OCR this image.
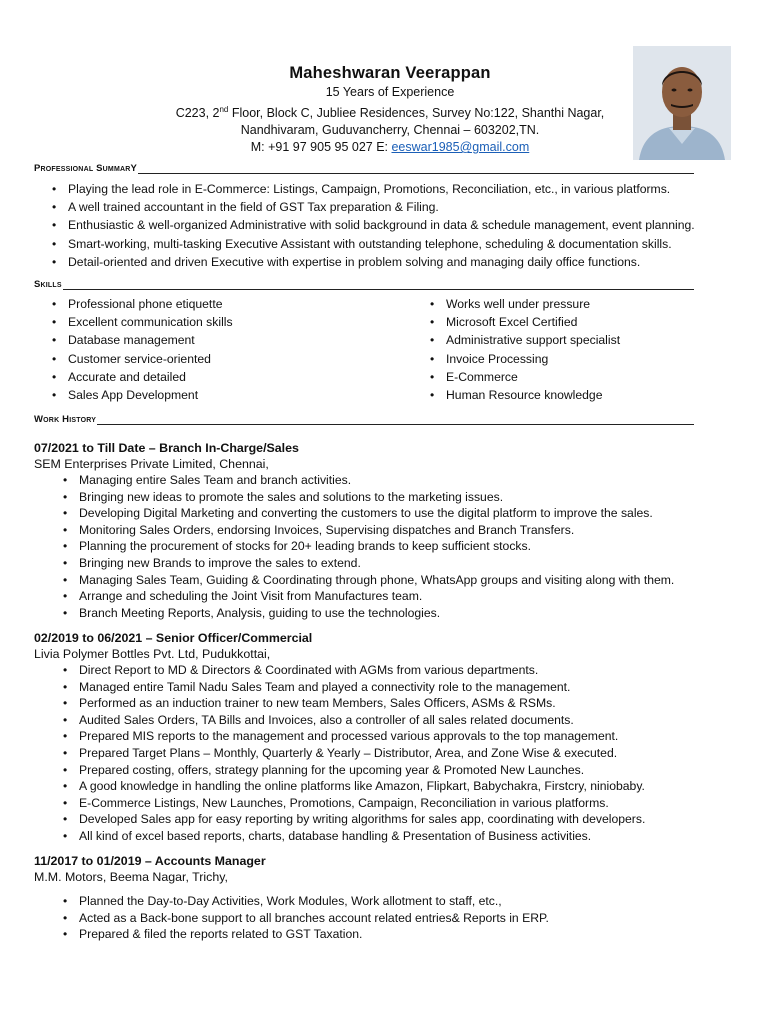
Maheshwaran Veerappan
15 Years of Experience
C223, 2nd Floor, Block C, Jubliee Residences, Survey No:122, Shanthi Nagar,
Nandhivaram, Guduvancherry, Chennai – 603202,TN.
M: +91 97 905 95 027 E: eeswar1985@gmail.com
Professional SummarY
• Playing the lead role in E-Commerce: Listings, Campaign, Promotions, Reconciliation, etc., in various platforms.
• A well trained accountant in the field of GST Tax preparation & Filing.
• Enthusiastic & well-organized Administrative with solid background in data & schedule management, event planning.
• Smart-working, multi-tasking Executive Assistant with outstanding telephone, scheduling & documentation skills.
• Detail-oriented and driven Executive with expertise in problem solving and managing daily office functions.
Skills
• Professional phone etiquette
• Excellent communication skills
• Database management
• Customer service-oriented
• Accurate and detailed
• Sales App Development
• Works well under pressure
• Microsoft Excel Certified
• Administrative support specialist
• Invoice Processing
• E-Commerce
• Human Resource knowledge
Work History
07/2021 to Till Date – Branch In-Charge/Sales
SEM Enterprises Private Limited, Chennai,
• Managing entire Sales Team and branch activities.
• Bringing new ideas to promote the sales and solutions to the marketing issues.
• Developing Digital Marketing and converting the customers to use the digital platform to improve the sales.
• Monitoring Sales Orders, endorsing Invoices, Supervising dispatches and Branch Transfers.
• Planning the procurement of stocks for 20+ leading brands to keep sufficient stocks.
• Bringing new Brands to improve the sales to extend.
• Managing Sales Team, Guiding & Coordinating through phone, WhatsApp groups and visiting along with them.
• Arrange and scheduling the Joint Visit from Manufactures team.
• Branch Meeting Reports, Analysis, guiding to use the technologies.
02/2019 to 06/2021 – Senior Officer/Commercial
Livia Polymer Bottles Pvt. Ltd, Pudukkottai,
• Direct Report to MD & Directors & Coordinated with AGMs from various departments.
• Managed entire Tamil Nadu Sales Team and played a connectivity role to the management.
• Performed as an induction trainer to new team Members, Sales Officers, ASMs & RSMs.
• Audited Sales Orders, TA Bills and Invoices, also a controller of all sales related documents.
• Prepared MIS reports to the management and processed various approvals to the top management.
• Prepared Target Plans – Monthly, Quarterly & Yearly – Distributor, Area, and Zone Wise & executed.
• Prepared costing, offers, strategy planning for the upcoming year & Promoted New Launches.
• A good knowledge in handling the online platforms like Amazon, Flipkart, Babychakra, Firstcry, niniobaby.
• E-Commerce Listings, New Launches, Promotions, Campaign, Reconciliation in various platforms.
• Developed Sales app for easy reporting by writing algorithms for sales app, coordinating with developers.
• All kind of excel based reports, charts, database handling & Presentation of Business activities.
11/2017 to 01/2019 – Accounts Manager
M.M. Motors, Beema Nagar, Trichy,
• Planned the Day-to-Day Activities, Work Modules, Work allotment to staff, etc.,
• Acted as a Back-bone support to all branches account related entries& Reports in ERP.
• Prepared & filed the reports related to GST Taxation.
